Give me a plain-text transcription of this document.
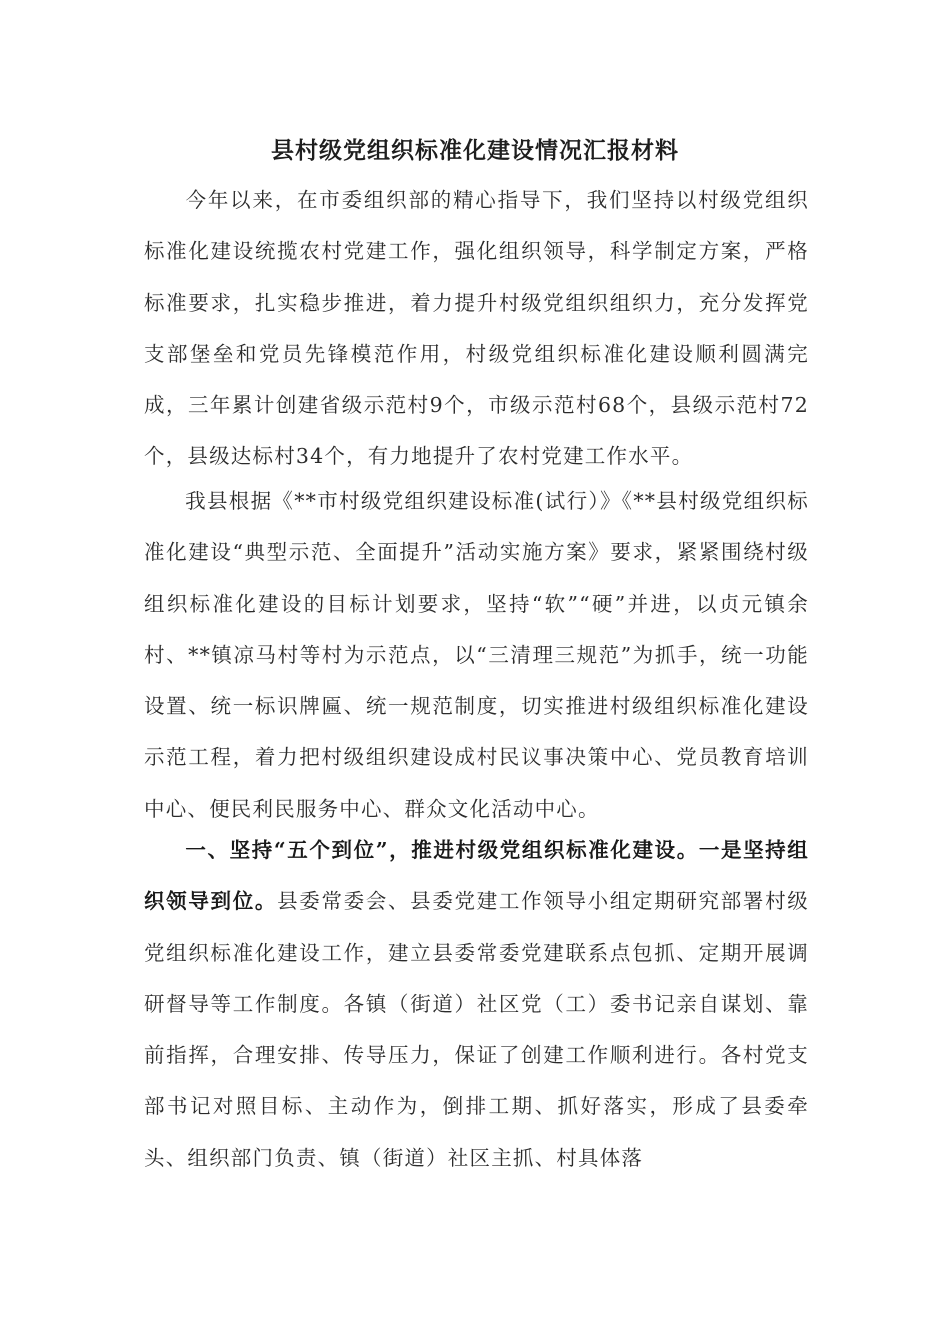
县村级党组织标准化建设情况汇报材料

今年以来，在市委组织部的精心指导下，我们坚持以村级党组织标准化建设统揽农村党建工作，强化组织领导，科学制定方案，严格标准要求，扎实稳步推进，着力提升村级党组织组织力，充分发挥党支部堡垒和党员先锋模范作用，村级党组织标准化建设顺利圆满完成，三年累计创建省级示范村9个，市级示范村68个，县级示范村72个，县级达标村34个，有力地提升了农村党建工作水平。

我县根据《**市村级党组织建设标准(试行）》《**县村级党组织标准化建设“典型示范、全面提升”活动实施方案》要求，紧紧围绕村级组织标准化建设的目标计划要求，坚持“软”“硬”并进，以贞元镇余村、**镇凉马村等村为示范点，以“三清理三规范”为抓手，统一功能设置、统一标识牌匾、统一规范制度，切实推进村级组织标准化建设示范工程，着力把村级组织建设成村民议事决策中心、党员教育培训中心、便民利民服务中心、群众文化活动中心。

一、坚持“五个到位”，推进村级党组织标准化建设。一是坚持组织领导到位。县委常委会、县委党建工作领导小组定期研究部署村级党组织标准化建设工作，建立县委常委党建联系点包抓、定期开展调研督导等工作制度。各镇（街道）社区党（工）委书记亲自谋划、靠前指挥，合理安排、传导压力，保证了创建工作顺利进行。各村党支部书记对照目标、主动作为，倒排工期、抓好落实，形成了县委牵头、组织部门负责、镇（街道）社区主抓、村具体落
